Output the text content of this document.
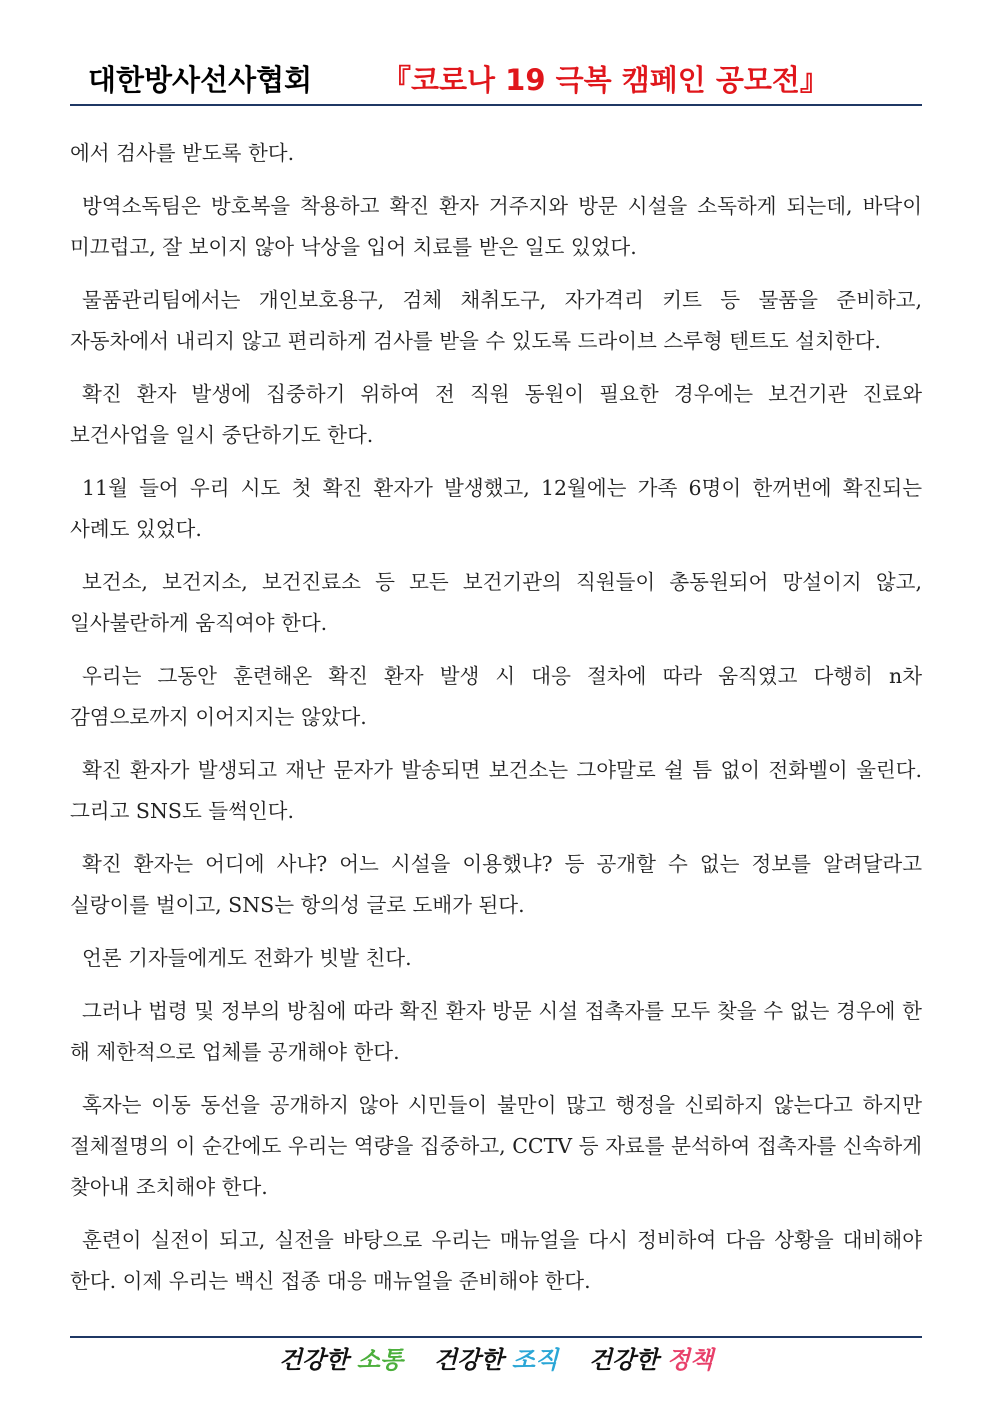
대한방사선사협회 『코로나 19 극복 캠페인 공모전』

에서 검사를 받도록 한다.

방역소독팀은 방호복을 착용하고 확진 환자 거주지와 방문 시설을 소독하게 되는데, 바닥이 미끄럽고, 잘 보이지 않아 낙상을 입어 치료를 받은 일도 있었다.

물품관리팀에서는 개인보호용구, 검체 채취도구, 자가격리 키트 등 물품을 준비하고, 자동차에서 내리지 않고 편리하게 검사를 받을 수 있도록 드라이브 스루형 텐트도 설치한다.

확진 환자 발생에 집중하기 위하여 전 직원 동원이 필요한 경우에는 보건기관 진료와 보건사업을 일시 중단하기도 한다.

11월 들어 우리 시도 첫 확진 환자가 발생했고, 12월에는 가족 6명이 한꺼번에 확진되는 사례도 있었다.

보건소, 보건지소, 보건진료소 등 모든 보건기관의 직원들이 총동원되어 망설이지 않고, 일사불란하게 움직여야 한다.

우리는 그동안 훈련해온 확진 환자 발생 시 대응 절차에 따라 움직였고 다행히 n차 감염으로까지 이어지지는 않았다.

확진 환자가 발생되고 재난 문자가 발송되면 보건소는 그야말로 쉴 틈 없이 전화벨이 울린다. 그리고 SNS도 들썩인다.

확진 환자는 어디에 사냐? 어느 시설을 이용했냐? 등 공개할 수 없는 정보를 알려달라고 실랑이를 벌이고, SNS는 항의성 글로 도배가 된다.

언론 기자들에게도 전화가 빗발 친다.

그러나 법령 및 정부의 방침에 따라 확진 환자 방문 시설 접촉자를 모두 찾을 수 없는 경우에 한 해 제한적으로 업체를 공개해야 한다.

혹자는 이동 동선을 공개하지 않아 시민들이 불만이 많고 행정을 신뢰하지 않는다고 하지만 절체절명의 이 순간에도 우리는 역량을 집중하고, CCTV 등 자료를 분석하여 접촉자를 신속하게 찾아내 조치해야 한다.

훈련이 실전이 되고, 실전을 바탕으로 우리는 매뉴얼을 다시 정비하여 다음 상황을 대비해야 한다. 이제 우리는 백신 접종 대응 매뉴얼을 준비해야 한다.

건강한 소통 건강한 조직 건강한 정책
